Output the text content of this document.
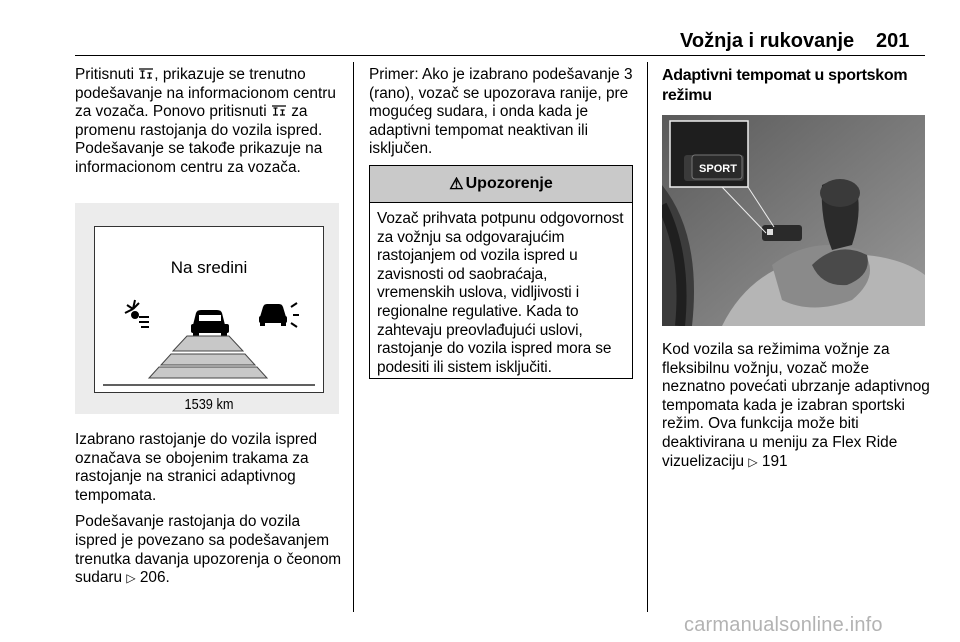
Vožnja i rukovanje 201

Pritisnuti , prikazuje se trenutno podešavanje na informacionom centru za vozača. Ponovo pritisnuti  za promenu rastojanja do vozila ispred. Podešavanje se takođe prikazuje na informacionom centru za vozača.

Na sredini
1539 km

Izabrano rastojanje do vozila ispred označava se obojenim trakama za rastojanje na stranici adaptivnog tempomata.

Podešavanje rastojanja do vozila ispred je povezano sa podešavanjem trenutka davanja upozorenja o čeonom sudaru ▷ 206.

Primer: Ako je izabrano podešavanje 3 (rano), vozač se upozorava ranije, pre mogućeg sudara, i onda kada je adaptivni tempomat neaktivan ili isključen.

⚠ Upozorenje
Vozač prihvata potpunu odgovornost za vožnju sa odgovarajućim rastojanjem od vozila ispred u zavisnosti od saobraćaja, vremenskih uslova, vidljivosti i regionalne regulative. Kada to zahtevaju preovlađujući uslovi, rastojanje do vozila ispred mora se podesiti ili sistem isključiti.
Adaptivni tempomat u sportskom režimu
SPORT

Kod vozila sa režimima vožnje za fleksibilnu vožnju, vozač može neznatno povećati ubrzanje adaptivnog tempomata kada je izabran sportski režim. Ova funkcija može biti deaktivirana u meniju za Flex Ride vizuelizaciju ▷ 191

carmanualsonline.info
